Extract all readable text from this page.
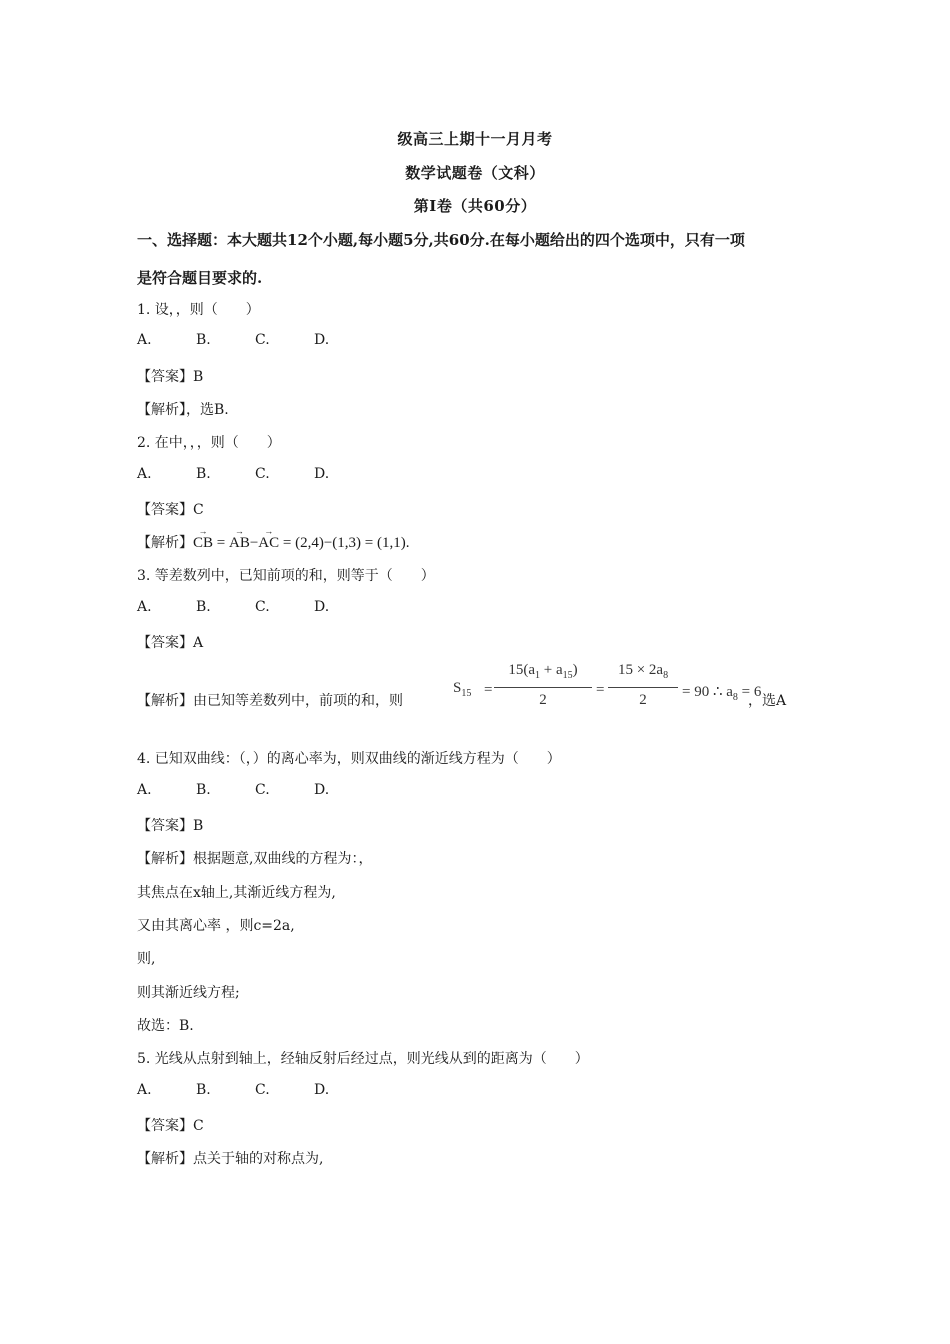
级高三上期十一月月考
数学试题卷（文科）
第Ⅰ卷（共60分）
一、选择题：本大题共12个小题,每小题5分,共60分.在每小题给出的四个选项中，只有一项
是符合题目要求的.
1. 设，，则（　　）
A.	B.	C.	D.
【答案】B
【解析】，选B.
2. 在中，，，则（　　）
A.	B.	C.	D.
【答案】C
【解析】→ CB = → AB−→ AC = (2,4)−(1,3) = (1,1).
3. 等差数列中，已知前项的和，则等于（　　）
A.	B.	C.	D.
【答案】A
【解析】由已知等差数列中，前项的和，则
$S_{15}$ =
$15(a_1 + a_{15})$
2
=
$15 \times 2a_8$
2	= 90 ∴ $a_8 = 6$
，选A
4. 已知双曲线：（，）的离心率为，则双曲线的渐近线方程为（　　）
A.	B.	C.	D.
【答案】B
【解析】根据题意,双曲线的方程为：，
其焦点在x轴上,其渐近线方程为,
又由其离心率 ，则c=2a,
则,
则其渐近线方程;
故选：B.
5. 光线从点射到轴上，经轴反射后经过点，则光线从到的距离为（　　）
A.	B.	C.	D.
【答案】C
【解析】点关于轴的对称点为,
